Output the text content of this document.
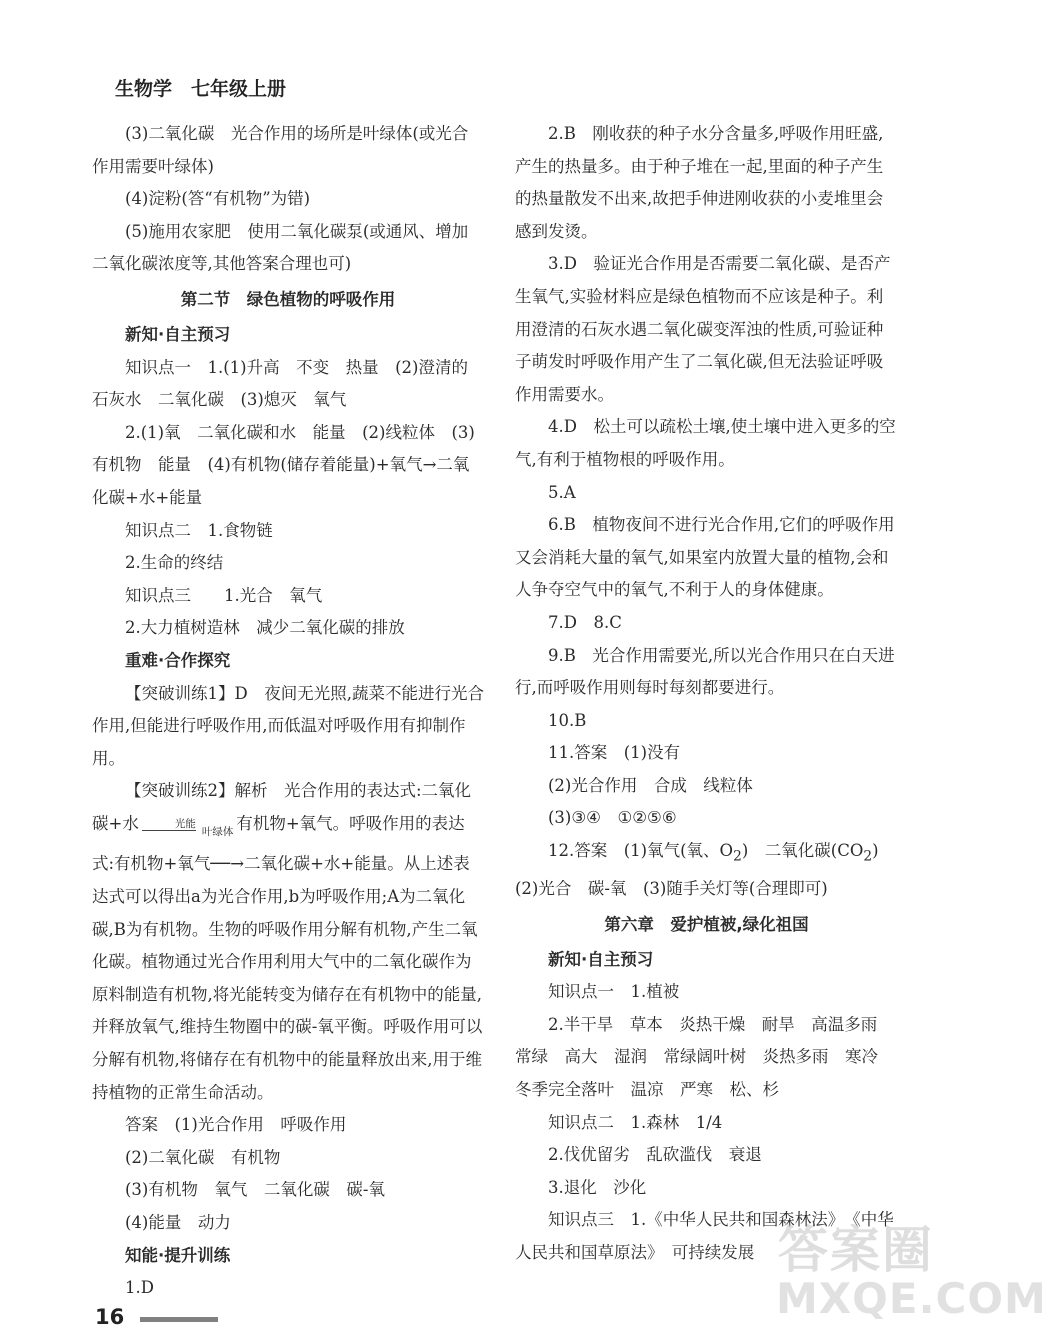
生物学　七年级上册

(3)二氧化碳　光合作用的场所是叶绿体(或光合作用需要叶绿体)

(4)淀粉(答“有机物”为错)

(5)施用农家肥　使用二氧化碳泵(或通风、增加二氧化碳浓度等,其他答案合理也可)

第二节　绿色植物的呼吸作用

新知·自主预习

知识点一　1.(1)升高　不变　热量　(2)澄清的石灰水　二氧化碳　(3)熄灭　氧气

2.(1)氧　二氧化碳和水　能量　(2)线粒体　(3)有机物　能量　(4)有机物(储存着能量)+氧气→二氧化碳+水+能量

知识点二　1.食物链

2.生命的终结

知识点三　　1.光合　氧气

2.大力植树造林　减少二氧化碳的排放

重难·合作探究

【突破训练1】D　夜间无光照,蔬菜不能进行光合作用,但能进行呼吸作用,而低温对呼吸作用有抑制作用。

【突破训练2】解析　光合作用的表达式:二氧化碳+水	光能
叶绿体 有机物+氧气。呼吸作用的表达式:有机物+氧气──→二氧化碳+水+能量。从上述表达式可以得出a为光合作用,b为呼吸作用;A为二氧化碳,B为有机物。生物的呼吸作用分解有机物,产生二氧化碳。植物通过光合作用利用大气中的二氧化碳作为原料制造有机物,将光能转变为储存在有机物中的能量,并释放氧气,维持生物圈中的碳-氧平衡。呼吸作用可以分解有机物,将储存在有机物中的能量释放出来,用于维持植物的正常生命活动。

答案　(1)光合作用　呼吸作用

(2)二氧化碳　有机物

(3)有机物　氧气　二氧化碳　碳-氧

(4)能量　动力

知能·提升训练

1.D

2.B　刚收获的种子水分含量多,呼吸作用旺盛,产生的热量多。由于种子堆在一起,里面的种子产生的热量散发不出来,故把手伸进刚收获的小麦堆里会感到发烫。

3.D　验证光合作用是否需要二氧化碳、是否产生氧气,实验材料应是绿色植物而不应该是种子。利用澄清的石灰水遇二氧化碳变浑浊的性质,可验证种子萌发时呼吸作用产生了二氧化碳,但无法验证呼吸作用需要水。

4.D　松土可以疏松土壤,使土壤中进入更多的空气,有利于植物根的呼吸作用。

5.A

6.B　植物夜间不进行光合作用,它们的呼吸作用又会消耗大量的氧气,如果室内放置大量的植物,会和人争夺空气中的氧气,不利于人的身体健康。

7.D　8.C

9.B　光合作用需要光,所以光合作用只在白天进行,而呼吸作用则每时每刻都要进行。

10.B

11.答案　(1)没有

(2)光合作用　合成　线粒体

(3)③④　①②⑤⑥

12.答案　(1)氧气(氧、$O_2$)　二氧化碳$(CO_2)$

(2)光合　碳-氧　(3)随手关灯等(合理即可)

第六章　爱护植被,绿化祖国

新知·自主预习

知识点一　1.植被

2.半干旱　草本　炎热干燥　耐旱　高温多雨　常绿　高大　湿润　常绿阔叶树　炎热多雨　寒冷　冬季完全落叶　温凉　严寒　松、杉

知识点二　1.森林　1/4

2.伐优留劣　乱砍滥伐　衰退

3.退化　沙化

知识点三　1.《中华人民共和国森林法》　《中华人民共和国草原法》　可持续发展

16
答案圈
MXQE.COM
